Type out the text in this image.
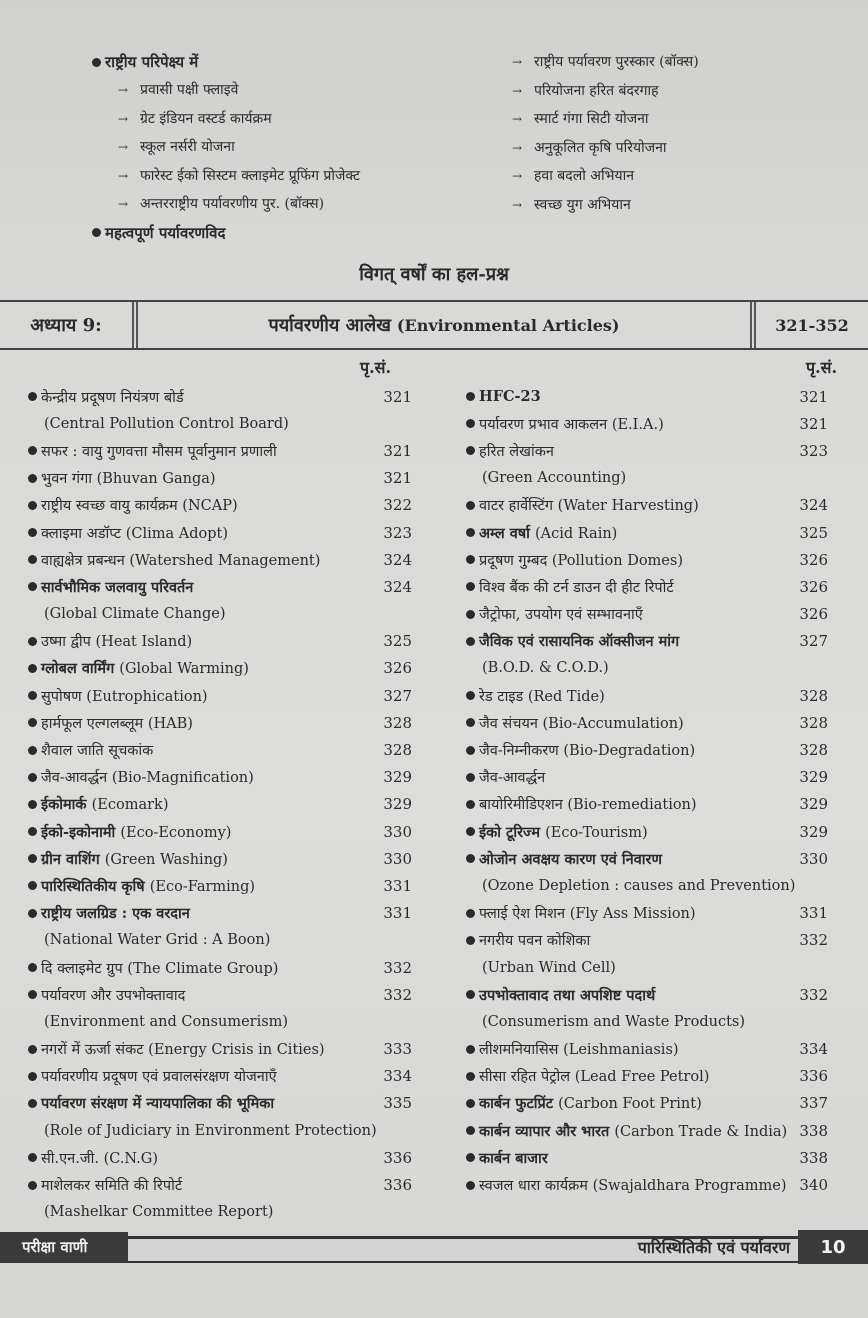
राष्ट्रीय परिपेक्ष्य में
→ प्रवासी पक्षी फ्लाइवे
→ ग्रेट इंडियन वस्टर्ड कार्यक्रम
→ स्कूल नर्सरी योजना
→ फारेस्ट ईको सिस्टम क्लाइमेट प्रूफिंग प्रोजेक्ट
→ अन्तरराष्ट्रीय पर्यावरणीय पुर. (बॉक्स)
महत्वपूर्ण पर्यावरणविद
→ राष्ट्रीय पर्यावरण पुरस्कार (बॉक्स)
→ परियोजना हरित बंदरगाह
→ स्मार्ट गंगा सिटी योजना
→ अनुकूलित कृषि परियोजना
→ हवा बदलो अभियान
→ स्वच्छ युग अभियान
विगत् वर्षों का हल-प्रश्न
अध्याय 9:	पर्यावरणीय आलेख (Environmental Articles)	321-352
पृ.सं.	पृ.सं.
केन्द्रीय प्रदूषण नियंत्रण बोर्ड	321
(Central Pollution Control Board)
सफर : वायु गुणवत्ता मौसम पूर्वानुमान प्रणाली	321
भुवन गंगा (Bhuvan Ganga)	321
राष्ट्रीय स्वच्छ वायु कार्यक्रम (NCAP)	322
क्लाइमा अडॉप्ट (Clima Adopt)	323
वाह्यक्षेत्र प्रबन्धन (Watershed Management)	324
सार्वभौमिक जलवायु परिवर्तन	324
(Global Climate Change)
उष्मा द्वीप (Heat Island)	325
ग्लोबल वार्मिंग (Global Warming)	326
सुपोषण (Eutrophication)	327
हार्मफूल एल्गलब्लूम (HAB)	328
शैवाल जाति सूचकांक	328
जैव-आवर्द्धन (Bio-Magnification)	329
ईकोमार्क (Ecomark)	329
ईको-इकोनामी (Eco-Economy)	330
ग्रीन वाशिंग (Green Washing)	330
पारिस्थितिकीय कृषि (Eco-Farming)	331
राष्ट्रीय जलग्रिड : एक वरदान	331
(National Water Grid : A Boon)
दि क्लाइमेट ग्रुप (The Climate Group)	332
पर्यावरण और उपभोक्तावाद	332
(Environment and Consumerism)
नगरों में ऊर्जा संकट (Energy Crisis in Cities)	333
पर्यावरणीय प्रदूषण एवं प्रवालसंरक्षण योजनाएँ	334
पर्यावरण संरक्षण में न्यायपालिका की भूमिका	335
(Role of Judiciary in Environment Protection)
सी.एन.जी. (C.N.G)	336
माशेलकर समिति की रिपोर्ट	336
(Mashelkar Committee Report)
HFC-23	321
पर्यावरण प्रभाव आकलन (E.I.A.)	321
हरित लेखांकन	323
(Green Accounting)
वाटर हार्वेस्टिंग (Water Harvesting)	324
अम्ल वर्षा (Acid Rain)	325
प्रदूषण गुम्बद (Pollution Domes)	326
विश्व बैंक की टर्न डाउन दी हीट रिपोर्ट	326
जैट्रोफा, उपयोग एवं सम्भावनाएँ	326
जैविक एवं रासायनिक ऑक्सीजन मांग	327
(B.O.D. & C.O.D.)
रेड टाइड (Red Tide)	328
जैव संचयन (Bio-Accumulation)	328
जैव-निम्नीकरण (Bio-Degradation)	328
जैव-आवर्द्धन	329
बायोरिमीडिएशन (Bio-remediation)	329
ईको टूरिज्म (Eco-Tourism)	329
ओजोन अवक्षय कारण एवं निवारण	330
(Ozone Depletion : causes and Prevention)
फ्लाई ऐश मिशन (Fly Ass Mission)	331
नगरीय पवन कोशिका	332
(Urban Wind Cell)
उपभोक्तावाद तथा अपशिष्ट पदार्थ	332
(Consumerism and Waste Products)
लीशमनियासिस (Leishmaniasis)	334
सीसा रहित पेट्रोल (Lead Free Petrol)	336
कार्बन फुटप्रिंट (Carbon Foot Print)	337
कार्बन व्यापार और भारत (Carbon Trade & India) 338
कार्बन बाजार	338
स्वजल धारा कार्यक्रम (Swajaldhara Programme) 340
परीक्षा वाणी	पारिस्थितिकी एवं पर्यावरण	10
